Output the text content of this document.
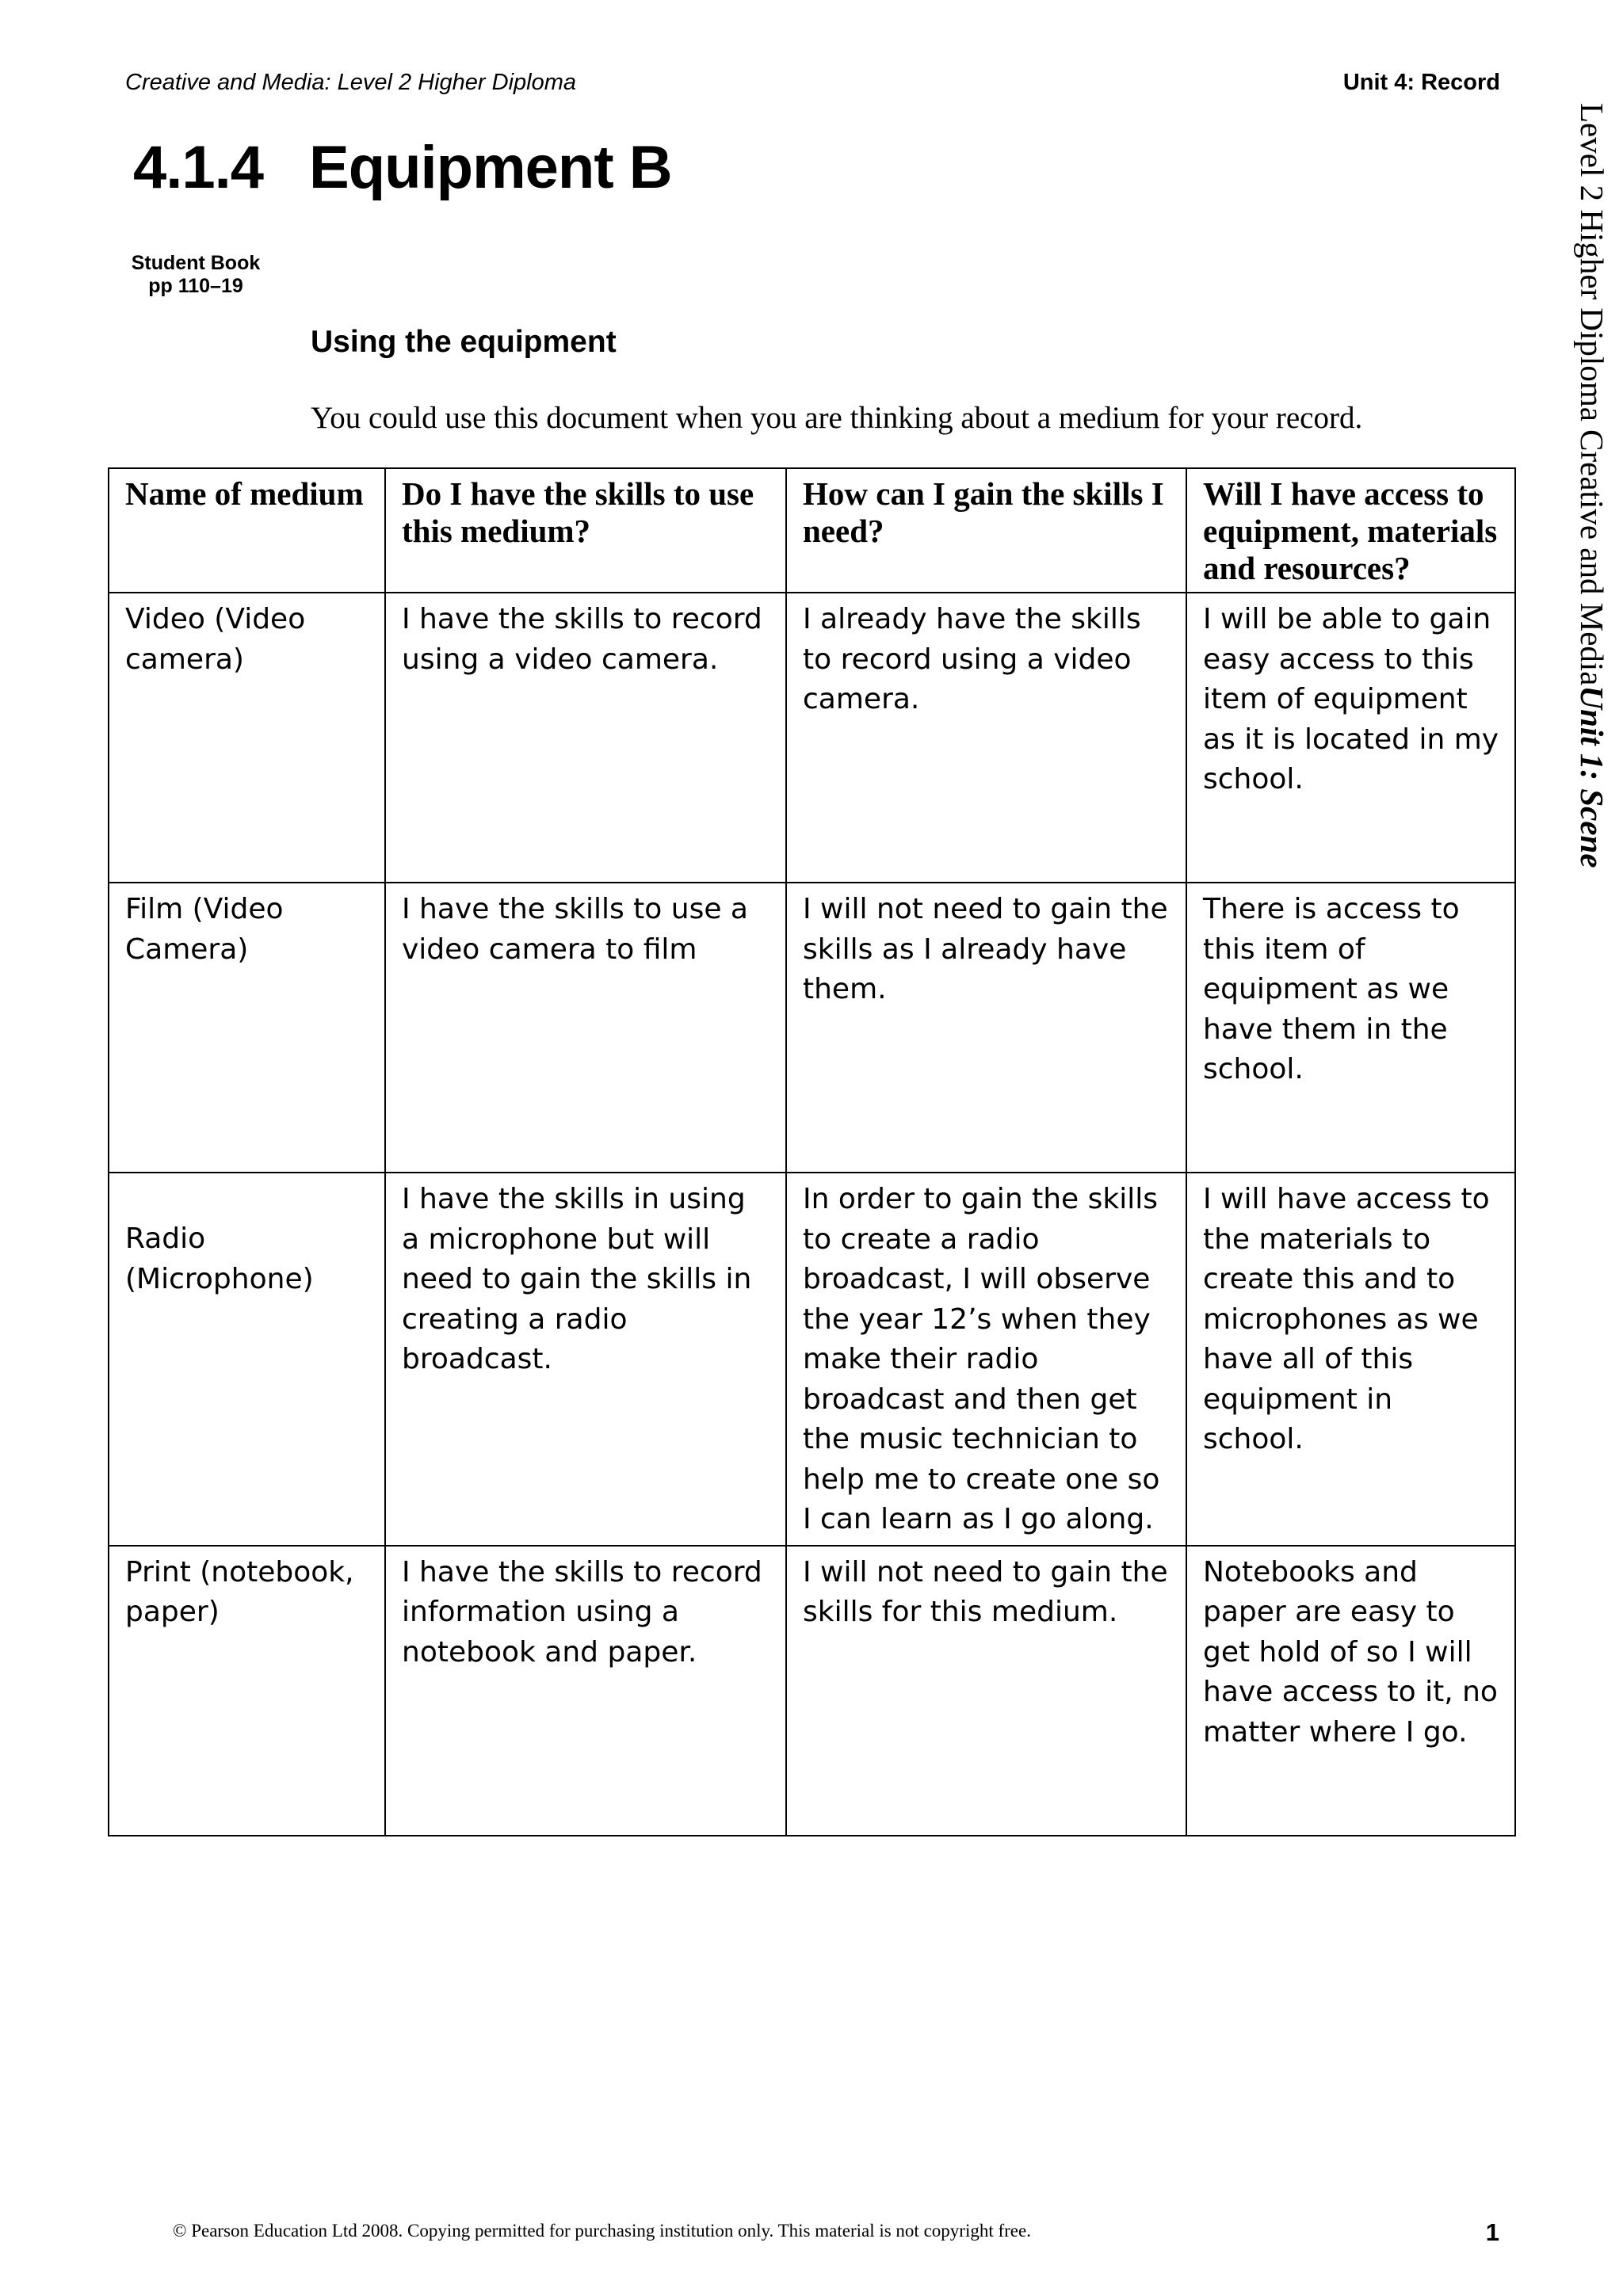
Creative and Media: Level 2 Higher Diploma	Unit 4: Record
4.1.4 Equipment B
Student Book
pp 110–19
Using the equipment
You could use this document when you are thinking about a medium for your record.	Level 2 Higher Diploma Creative and MediaUnit 1: Scene
Name of medium	Do I have the skills to use this medium?	How can I gain the skills I need?	Will I have access to equipment, materials and resources?
Video (Video camera)	I have the skills to record using a video camera.	I already have the skills to record using a video camera.	I will be able to gain easy access to this item of equipment as it is located in my school.
Film (Video Camera)	I have the skills to use a video camera to film	I will not need to gain the skills as I already have them.	There is access to this item of equipment as we have them in the school.
Radio (Microphone)	I have the skills in using a microphone but will need to gain the skills in creating a radio broadcast.	In order to gain the skills to create a radio broadcast, I will observe the year 12’s when they make their radio broadcast and then get the music technician to help me to create one so I can learn as I go along.	I will have access to the materials to create this and to microphones as we have all of this equipment in school.
Print (notebook, paper)	I have the skills to record information using a notebook and paper.	I will not need to gain the skills for this medium.	Notebooks and paper are easy to get hold of so I will have access to it, no matter where I go.
© Pearson Education Ltd 2008. Copying permitted for purchasing institution only. This material is not copyright free.	1
